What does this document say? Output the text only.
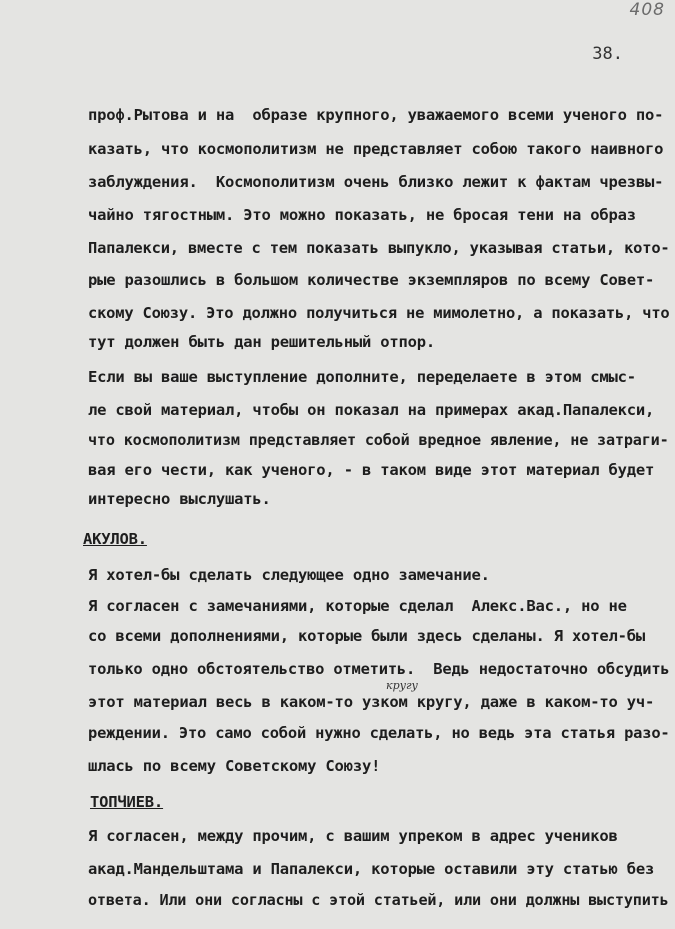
408
38.
проф.Рытова и на  образе крупного, уважаемого всеми ученого по-
казать, что космополитизм не представляет собою такого наивного
заблуждения.  Космополитизм очень близко лежит к фактам чрезвы-
чайно тягостным. Это можно показать, не бросая тени на образ
Папалекси, вместе с тем показать выпукло, указывая статьи, кото-
рые разошлись в большом количестве экземпляров по всему Совет-
скому Союзу. Это должно получиться не мимолетно, а показать, что
тут должен быть дан решительный отпор.
Если вы ваше выступление дополните, переделаете в этом смыс-
ле свой материал, чтобы он показал на примерах акад.Папалекси,
что космополитизм представляет собой вредное явление, не затраги-
вая его чести, как ученого, - в таком виде этот материал будет
интересно выслушать.
АКУЛОВ.
Я хотел-бы сделать следующее одно замечание.
Я согласен с замечаниями, которые сделал  Алекс.Вас., но не
со всеми дополнениями, которые были здесь сделаны. Я хотел-бы
только одно обстоятельство отметить.  Ведь недостаточно обсудить
этот материал весь в каком-то узком кругу, даже в каком-то уч-
реждении. Это само собой нужно сделать, но ведь эта статья разо-
шлась по всему Советскому Союзу!
ТОПЧИЕВ.
Я согласен, между прочим, с вашим упреком в адрес учеников
акад.Мандельштама и Папалекси, которые оставили эту статью без
ответа. Или они согласны с этой статьей, или они должны выступить
кругу
